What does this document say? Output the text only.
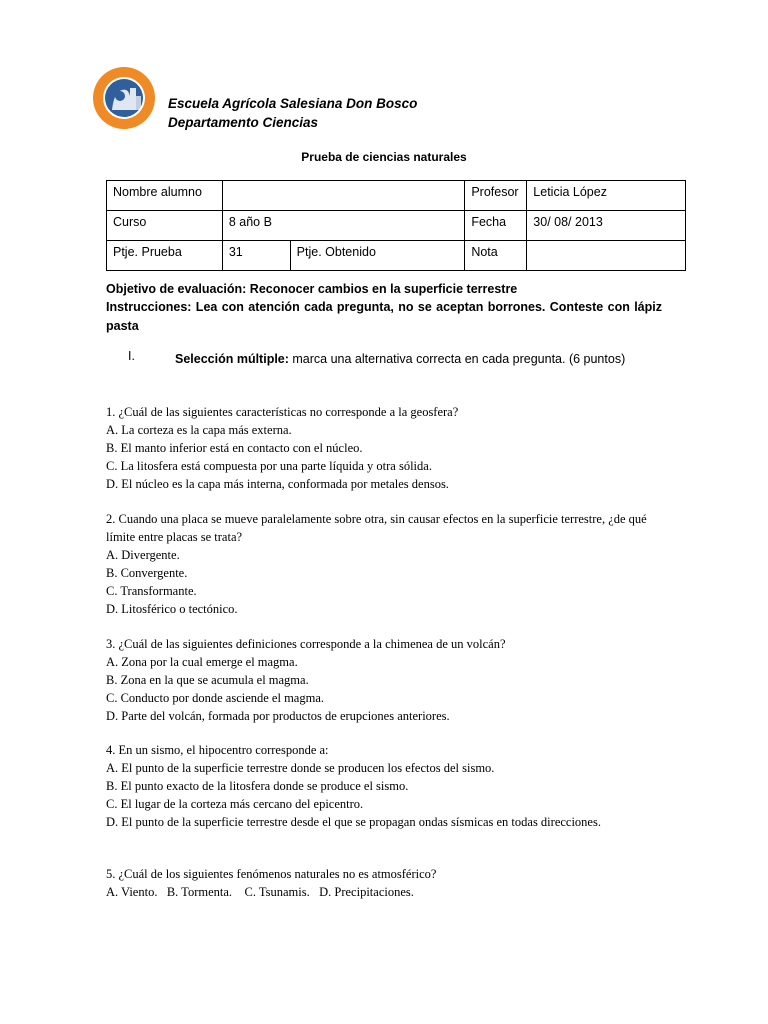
Escuela Agrícola Salesiana Don Bosco
Departamento Ciencias
Prueba de ciencias naturales
Nombre alumno			Profesor	Leticia López
Curso	8 año B		Fecha	30/ 08/ 2013
Ptje. Prueba	31	Ptje. Obtenido	Nota	
Objetivo de evaluación: Reconocer cambios en la superficie terrestre
Instrucciones: Lea con atención cada pregunta, no se aceptan borrones. Conteste con lápiz pasta
I.	Selección múltiple: marca una alternativa correcta en cada pregunta. (6 puntos)
1. ¿Cuál de las siguientes características no corresponde a la geosfera?
A. La corteza es la capa más externa.
B. El manto inferior está en contacto con el núcleo.
C. La litosfera está compuesta por una parte líquida y otra sólida.
D. El núcleo es la capa más interna, conformada por metales densos.
2. Cuando una placa se mueve paralelamente sobre otra, sin causar efectos en la superficie terrestre, ¿de qué límite entre placas se trata?
A. Divergente.
B. Convergente.
C. Transformante.
D. Litosférico o tectónico.
3. ¿Cuál de las siguientes definiciones corresponde a la chimenea de un volcán?
A. Zona por la cual emerge el magma.
B. Zona en la que se acumula el magma.
C. Conducto por donde asciende el magma.
D. Parte del volcán, formada por productos de erupciones anteriores.
4. En un sismo, el hipocentro corresponde a:
A. El punto de la superficie terrestre donde se producen los efectos del sismo.
B. El punto exacto de la litosfera donde se produce el sismo.
C. El lugar de la corteza más cercano del epicentro.
D. El punto de la superficie terrestre desde el que se propagan ondas sísmicas en todas direcciones.
5. ¿Cuál de los siguientes fenómenos naturales no es atmosférico?
A. Viento.   B. Tormenta.    C. Tsunamis.   D. Precipitaciones.
